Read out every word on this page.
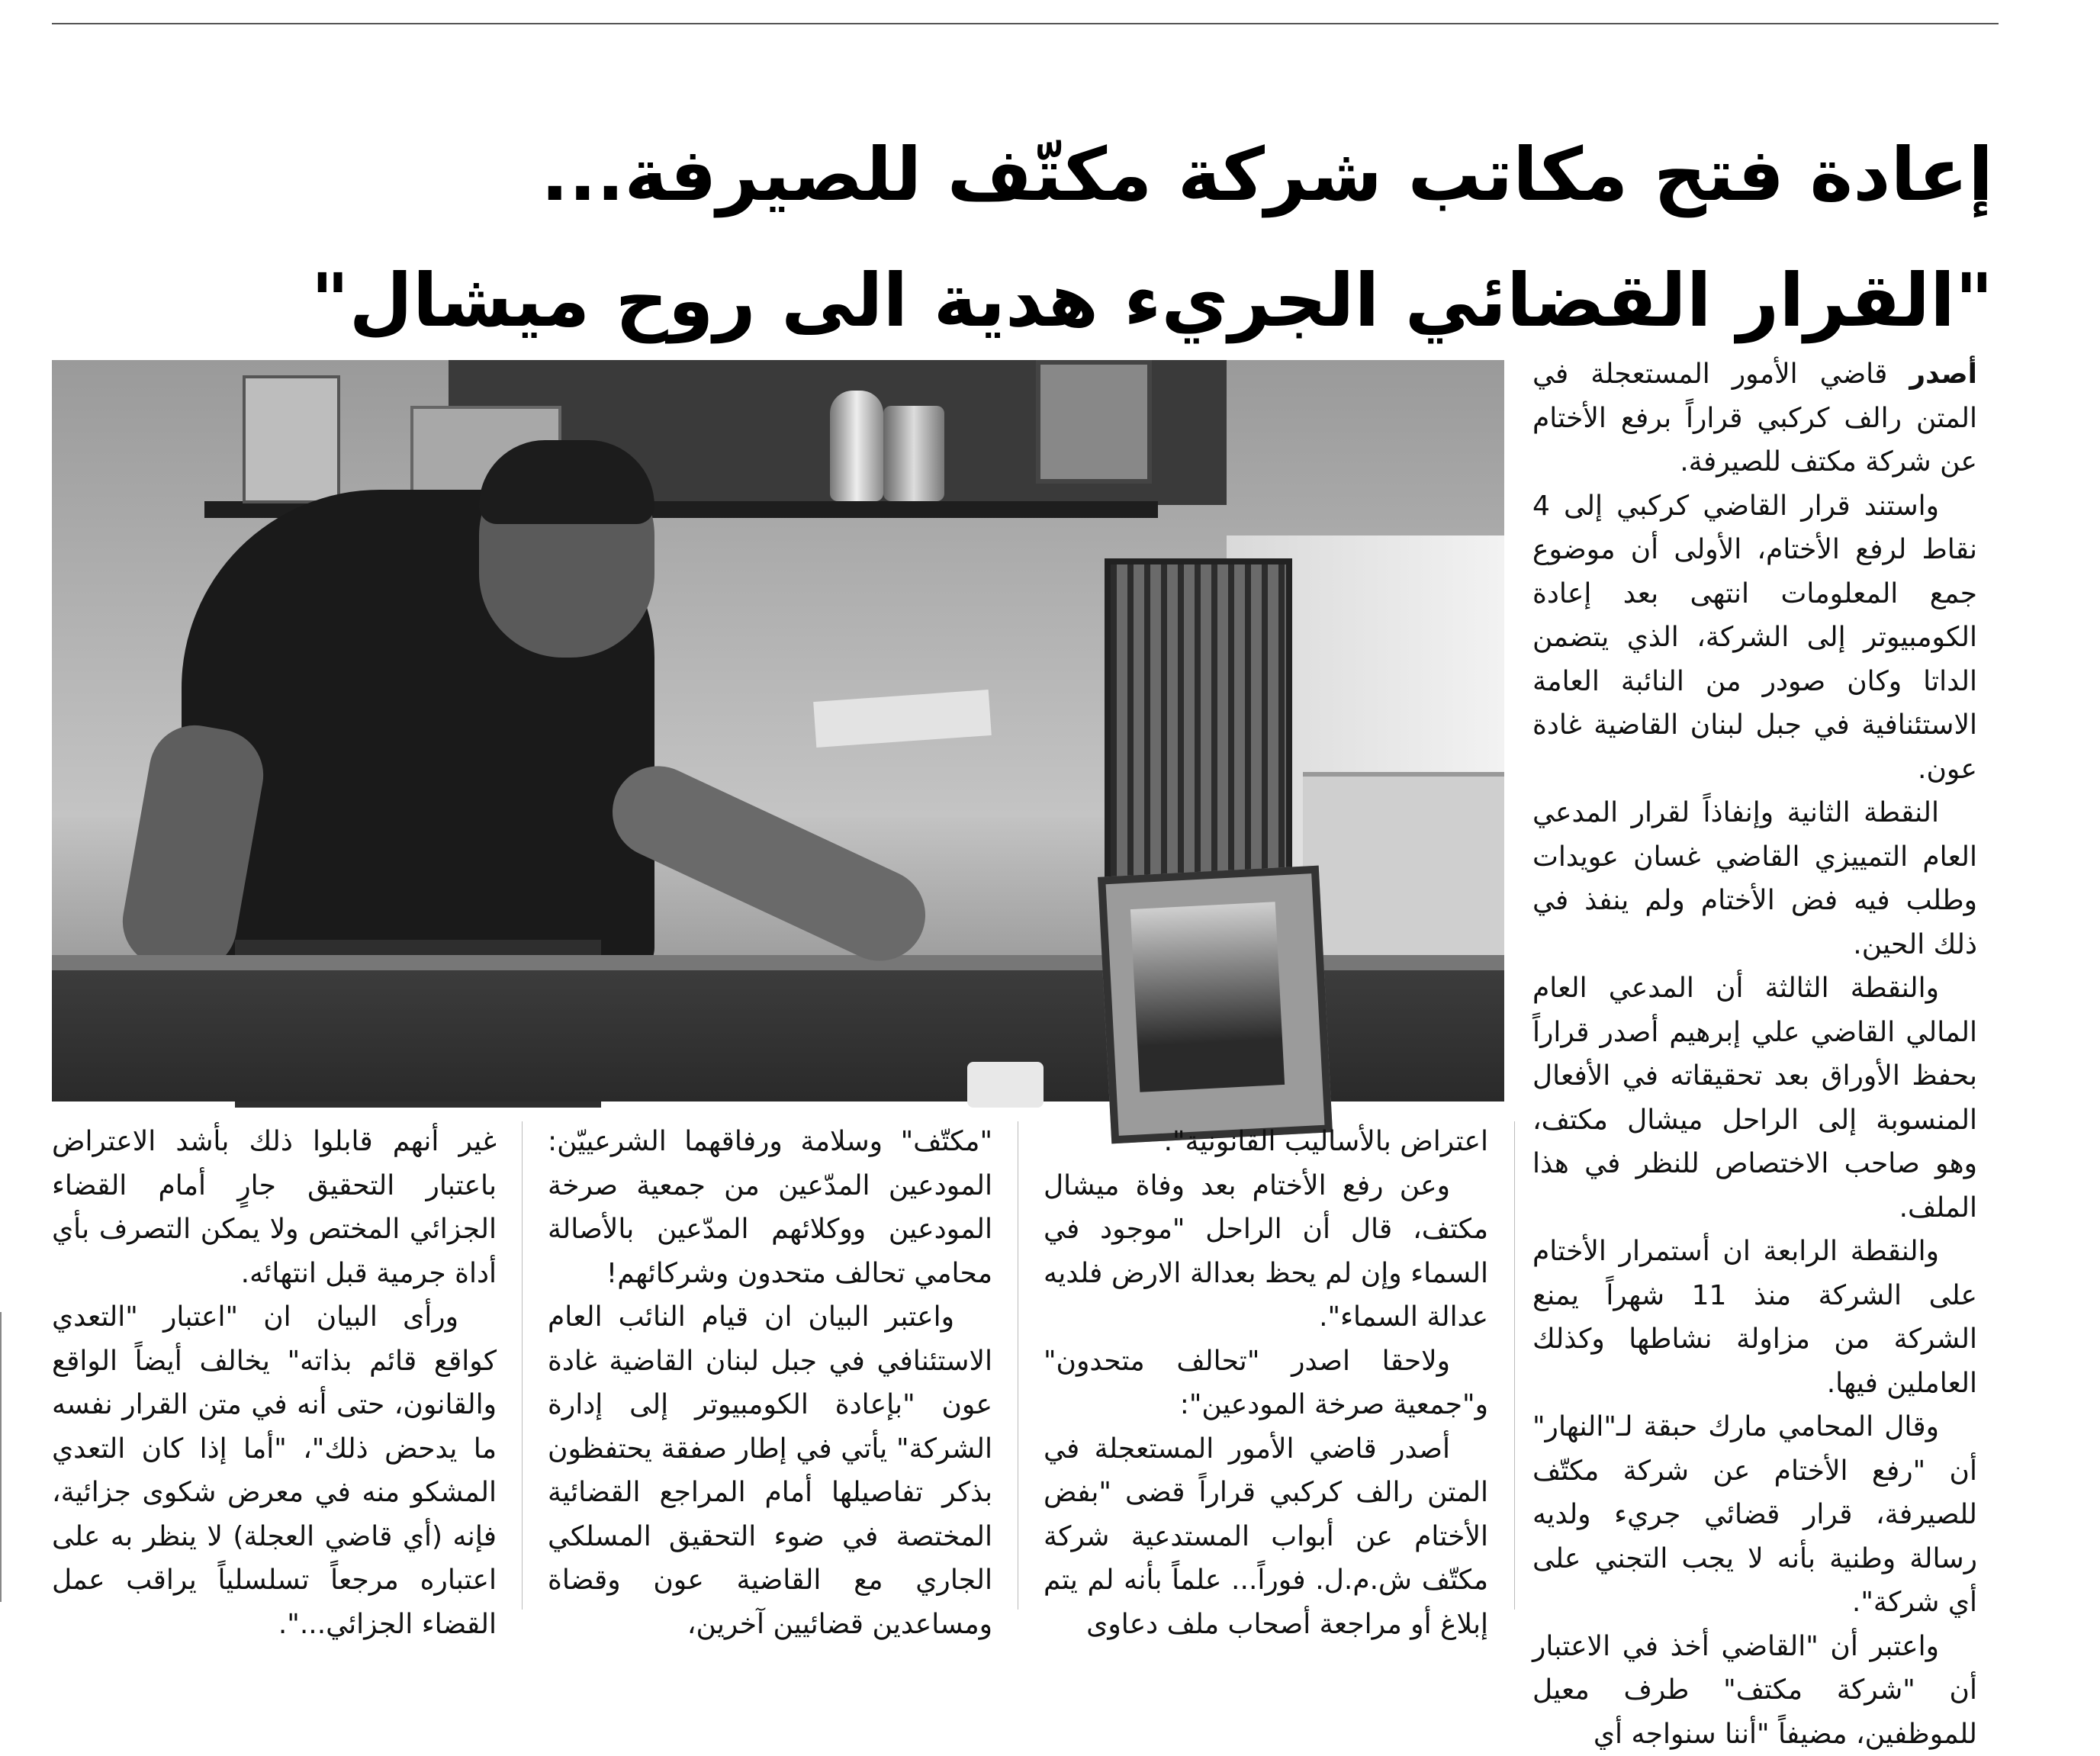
إعادة فتح مكاتب شركة مكتّف للصيرفة...
"القرار القضائي الجريء هدية الى روح ميشال"

أصدر قاضي الأمور المستعجلة في المتن رالف كركبي قراراً برفع الأختام عن شركة مكتف للصيرفة.

واستند قرار القاضي كركبي إلى 4 نقاط لرفع الأختام، الأولى أن موضوع جمع المعلومات انتهى بعد إعادة الكومبيوتر إلى الشركة، الذي يتضمن الداتا وكان صودر من النائبة العامة الاستئنافية في جبل لبنان القاضية غادة عون.

النقطة الثانية وإنفاذاً لقرار المدعي العام التمييزي القاضي غسان عويدات وطلب فيه فض الأختام ولم ينفذ في ذلك الحين.

والنقطة الثالثة أن المدعي العام المالي القاضي علي إبرهيم أصدر قراراً بحفظ الأوراق بعد تحقيقاته في الأفعال المنسوبة إلى الراحل ميشال مكتف، وهو صاحب الاختصاص للنظر في هذا الملف.

والنقطة الرابعة ان أستمرار الأختام على الشركة منذ 11 شهراً يمنع الشركة من مزاولة نشاطها وكذلك العاملين فيها.

وقال المحامي مارك حبقة لـ"النهار" أن "رفع الأختام عن شركة مكتّف للصيرفة، قرار قضائي جريء ولديه رسالة وطنية بأنه لا يجب التجني على أي شركة".

واعتبر أن "القاضي أخذ في الاعتبار أن "شركة مكتف" طرف معيل للموظفين، مضيفاً "أننا سنواجه أي

اعتراض بالأساليب القانونية".

وعن رفع الأختام بعد وفاة ميشال مكتف، قال أن الراحل "موجود في السماء وإن لم يحظ بعدالة الارض فلديه عدالة السماء".

ولاحقا اصدر "تحالف متحدون" و"جمعية صرخة المودعين":

أصدر قاضي الأمور المستعجلة في المتن رالف كركبي قراراً قضى "بفض الأختام عن أبواب المستدعية شركة مكتّف ش.م.ل. فوراً... علماً بأنه لم يتم إبلاغ أو مراجعة أصحاب ملف دعاوى

"مكتّف" وسلامة ورفاقهما الشرعييّن: المودعين المدّعين من جمعية صرخة المودعين ووكلائهم المدّعين بالأصالة محامي تحالف متحدون وشركائهم!

واعتبر البيان ان قيام النائب العام الاستئنافي في جبل لبنان القاضية غادة عون "بإعادة الكومبيوتر إلى إدارة الشركة" يأتي في إطار صفقة يحتفظون بذكر تفاصيلها أمام المراجع القضائية المختصة في ضوء التحقيق المسلكي الجاري مع القاضية عون وقضاة ومساعدين قضائيين آخرين،

غير أنهم قابلوا ذلك بأشد الاعتراض باعتبار التحقيق جارٍ أمام القضاء الجزائي المختص ولا يمكن التصرف بأي أداة جرمية قبل انتهائه.

ورأى البيان ان "اعتبار "التعدي كواقع قائم بذاته" يخالف أيضاً الواقع والقانون، حتى أنه في متن القرار نفسه ما يدحض ذلك"، "أما إذا كان التعدي المشكو منه في معرض شكوى جزائية، فإنه (أي قاضي العجلة) لا ينظر به على اعتباره مرجعاً تسلسلياً يراقب عمل القضاء الجزائي...".
